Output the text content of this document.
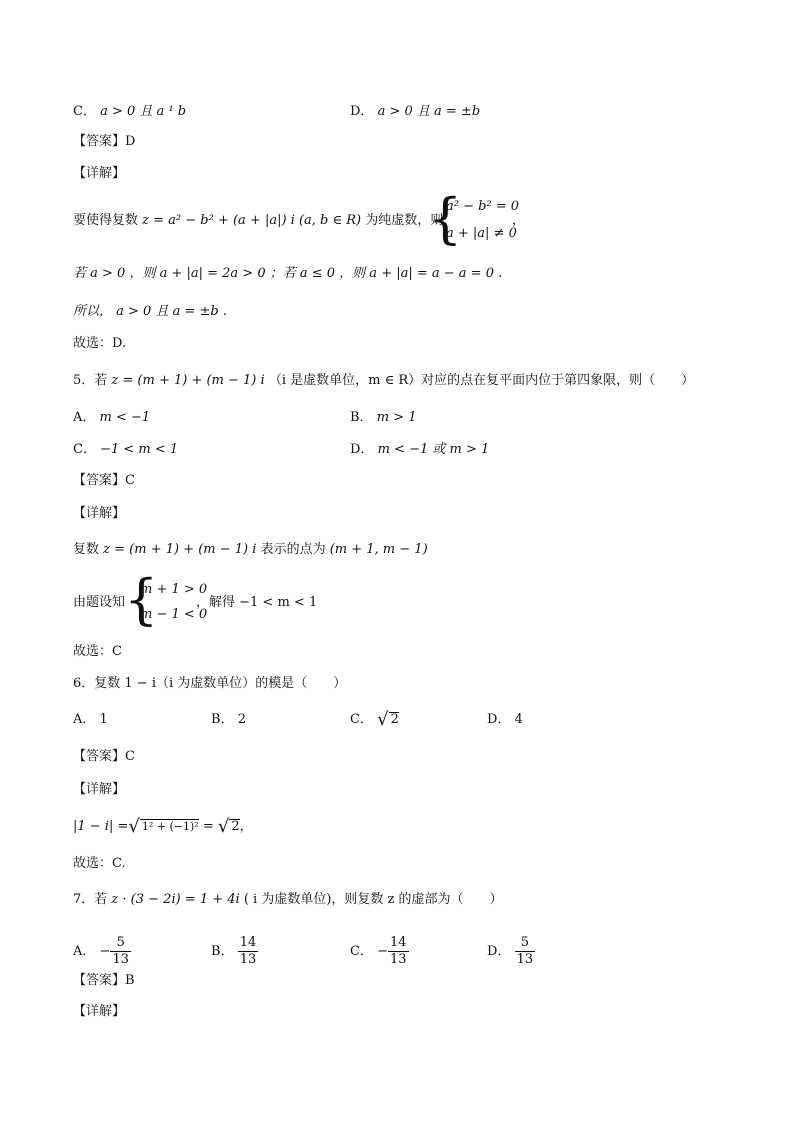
C． a > 0 且 a ¹ b	D． a > 0 且 a = ±b
【答案】D
【详解】
要使得复数 z = a² − b² + (a + |a|) i (a, b ∈ R) 为纯虚数，则
{
a² − b² = 0
a + |a| ≠ 0
，
若 a > 0 ，则 a + |a| = 2a > 0 ；若 a ≤ 0 ，则 a + |a| = a − a = 0 .
所以， a > 0 且 a = ±b .
故选：D.
5．若 z = (m + 1) + (m − 1) i （i 是虚数单位，m ∈ R）对应的点在复平面内位于第四象限，则（　　）
A． m < −1	B． m > 1
C． −1 < m < 1	D． m < −1 或 m > 1
【答案】C
【详解】
复数 z = (m + 1) + (m − 1) i 表示的点为 (m + 1, m − 1)
由题设知
{
m + 1 > 0
m − 1 < 0
，解得 −1 < m < 1
故选：C
6．复数 1 − i（i 为虚数单位）的模是（　　）
A． 1	B． 2	C． √ 2	D． 4
【答案】C
【详解】
|1 − i| =√ 1² + (−1)² = √ 2，
故选：C.
7．若 z · (3 − 2i) = 1 + 4i ( i 为虚数单位)，则复数 z 的虚部为（　　）
A． − $\frac{5}{13}$	B． $\frac{14}{13}$	C． − $\frac{14}{13}$	D． $\frac{5}{13}$
【答案】B
【详解】
